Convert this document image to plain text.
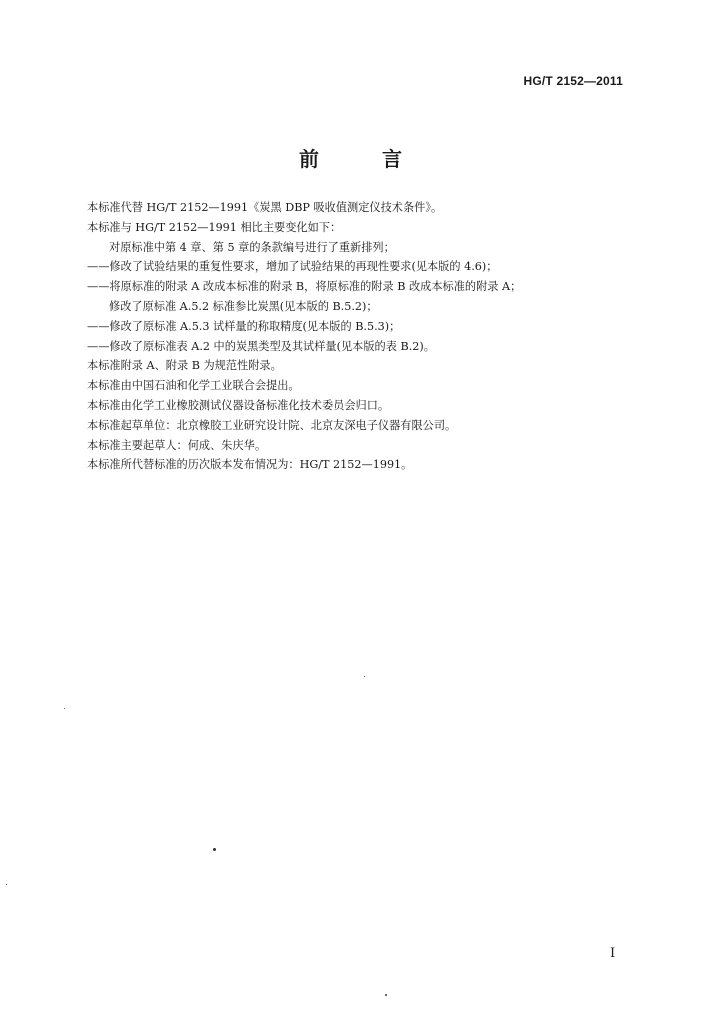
HG/T 2152—2011
前 言
本标准代替 HG/T 2152—1991《炭黑 DBP 吸收值测定仪技术条件》。
本标准与 HG/T 2152—1991 相比主要变化如下：
对原标准中第 4 章、第 5 章的条款编号进行了重新排列；
——修改了试验结果的重复性要求，增加了试验结果的再现性要求(见本版的 4.6)；
——将原标准的附录 A 改成本标准的附录 B，将原标准的附录 B 改成本标准的附录 A；
修改了原标准 A.5.2 标准参比炭黑(见本版的 B.5.2)；
——修改了原标准 A.5.3 试样量的称取精度(见本版的 B.5.3)；
——修改了原标准表 A.2 中的炭黑类型及其试样量(见本版的表 B.2)。
本标准附录 A、附录 B 为规范性附录。
本标准由中国石油和化学工业联合会提出。
本标准由化学工业橡胶测试仪器设备标准化技术委员会归口。
本标准起草单位：北京橡胶工业研究设计院、北京友深电子仪器有限公司。
本标准主要起草人：何成、朱庆华。
本标准所代替标准的历次版本发布情况为：HG/T 2152—1991。
I
